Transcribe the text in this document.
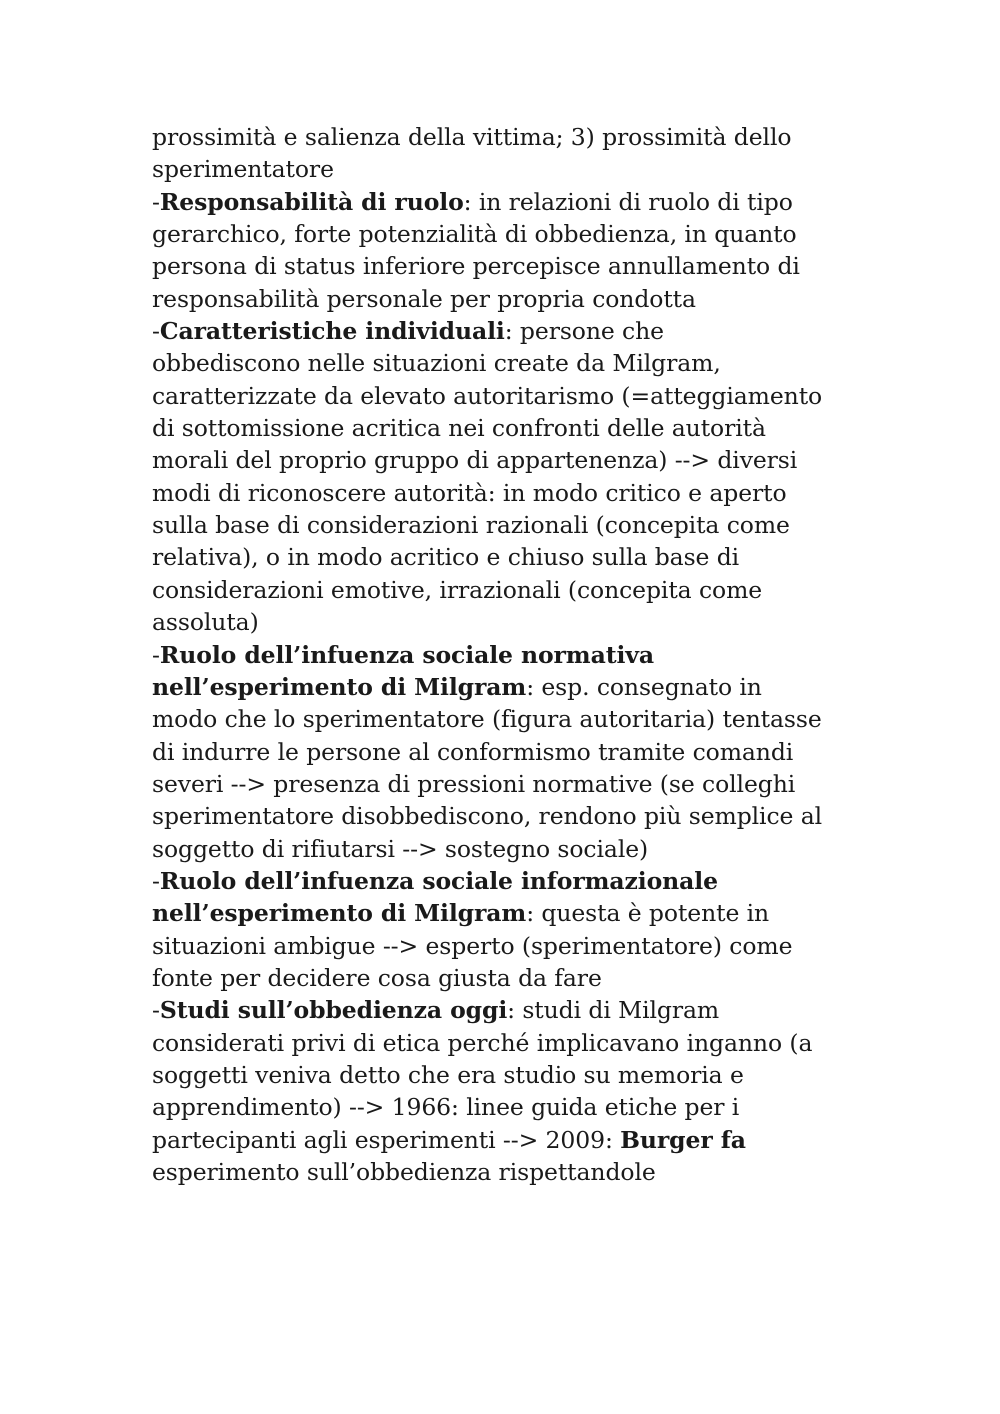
prossimità e salienza della vittima; 3) prossimità dello
sperimentatore
-Responsabilità di ruolo: in relazioni di ruolo di tipo
gerarchico, forte potenzialità di obbedienza, in quanto
persona di status inferiore percepisce annullamento di
responsabilità personale per propria condotta
-Caratteristiche individuali: persone che
obbediscono nelle situazioni create da Milgram,
caratterizzate da elevato autoritarismo (=atteggiamento
di sottomissione acritica nei confronti delle autorità
morali del proprio gruppo di appartenenza) --> diversi
modi di riconoscere autorità: in modo critico e aperto
sulla base di considerazioni razionali (concepita come
relativa), o in modo acritico e chiuso sulla base di
considerazioni emotive, irrazionali (concepita come
assoluta)
-Ruolo dell’infuenza sociale normativa
nell’esperimento di Milgram: esp. consegnato in
modo che lo sperimentatore (figura autoritaria) tentasse
di indurre le persone al conformismo tramite comandi
severi --> presenza di pressioni normative (se colleghi
sperimentatore disobbediscono, rendono più semplice al
soggetto di rifiutarsi --> sostegno sociale)
-Ruolo dell’infuenza sociale informazionale
nell’esperimento di Milgram: questa è potente in
situazioni ambigue --> esperto (sperimentatore) come
fonte per decidere cosa giusta da fare
-Studi sull’obbedienza oggi: studi di Milgram
considerati privi di etica perché implicavano inganno (a
soggetti veniva detto che era studio su memoria e
apprendimento) --> 1966: linee guida etiche per i
partecipanti agli esperimenti --> 2009: Burger fa
esperimento sull’obbedienza rispettandole
